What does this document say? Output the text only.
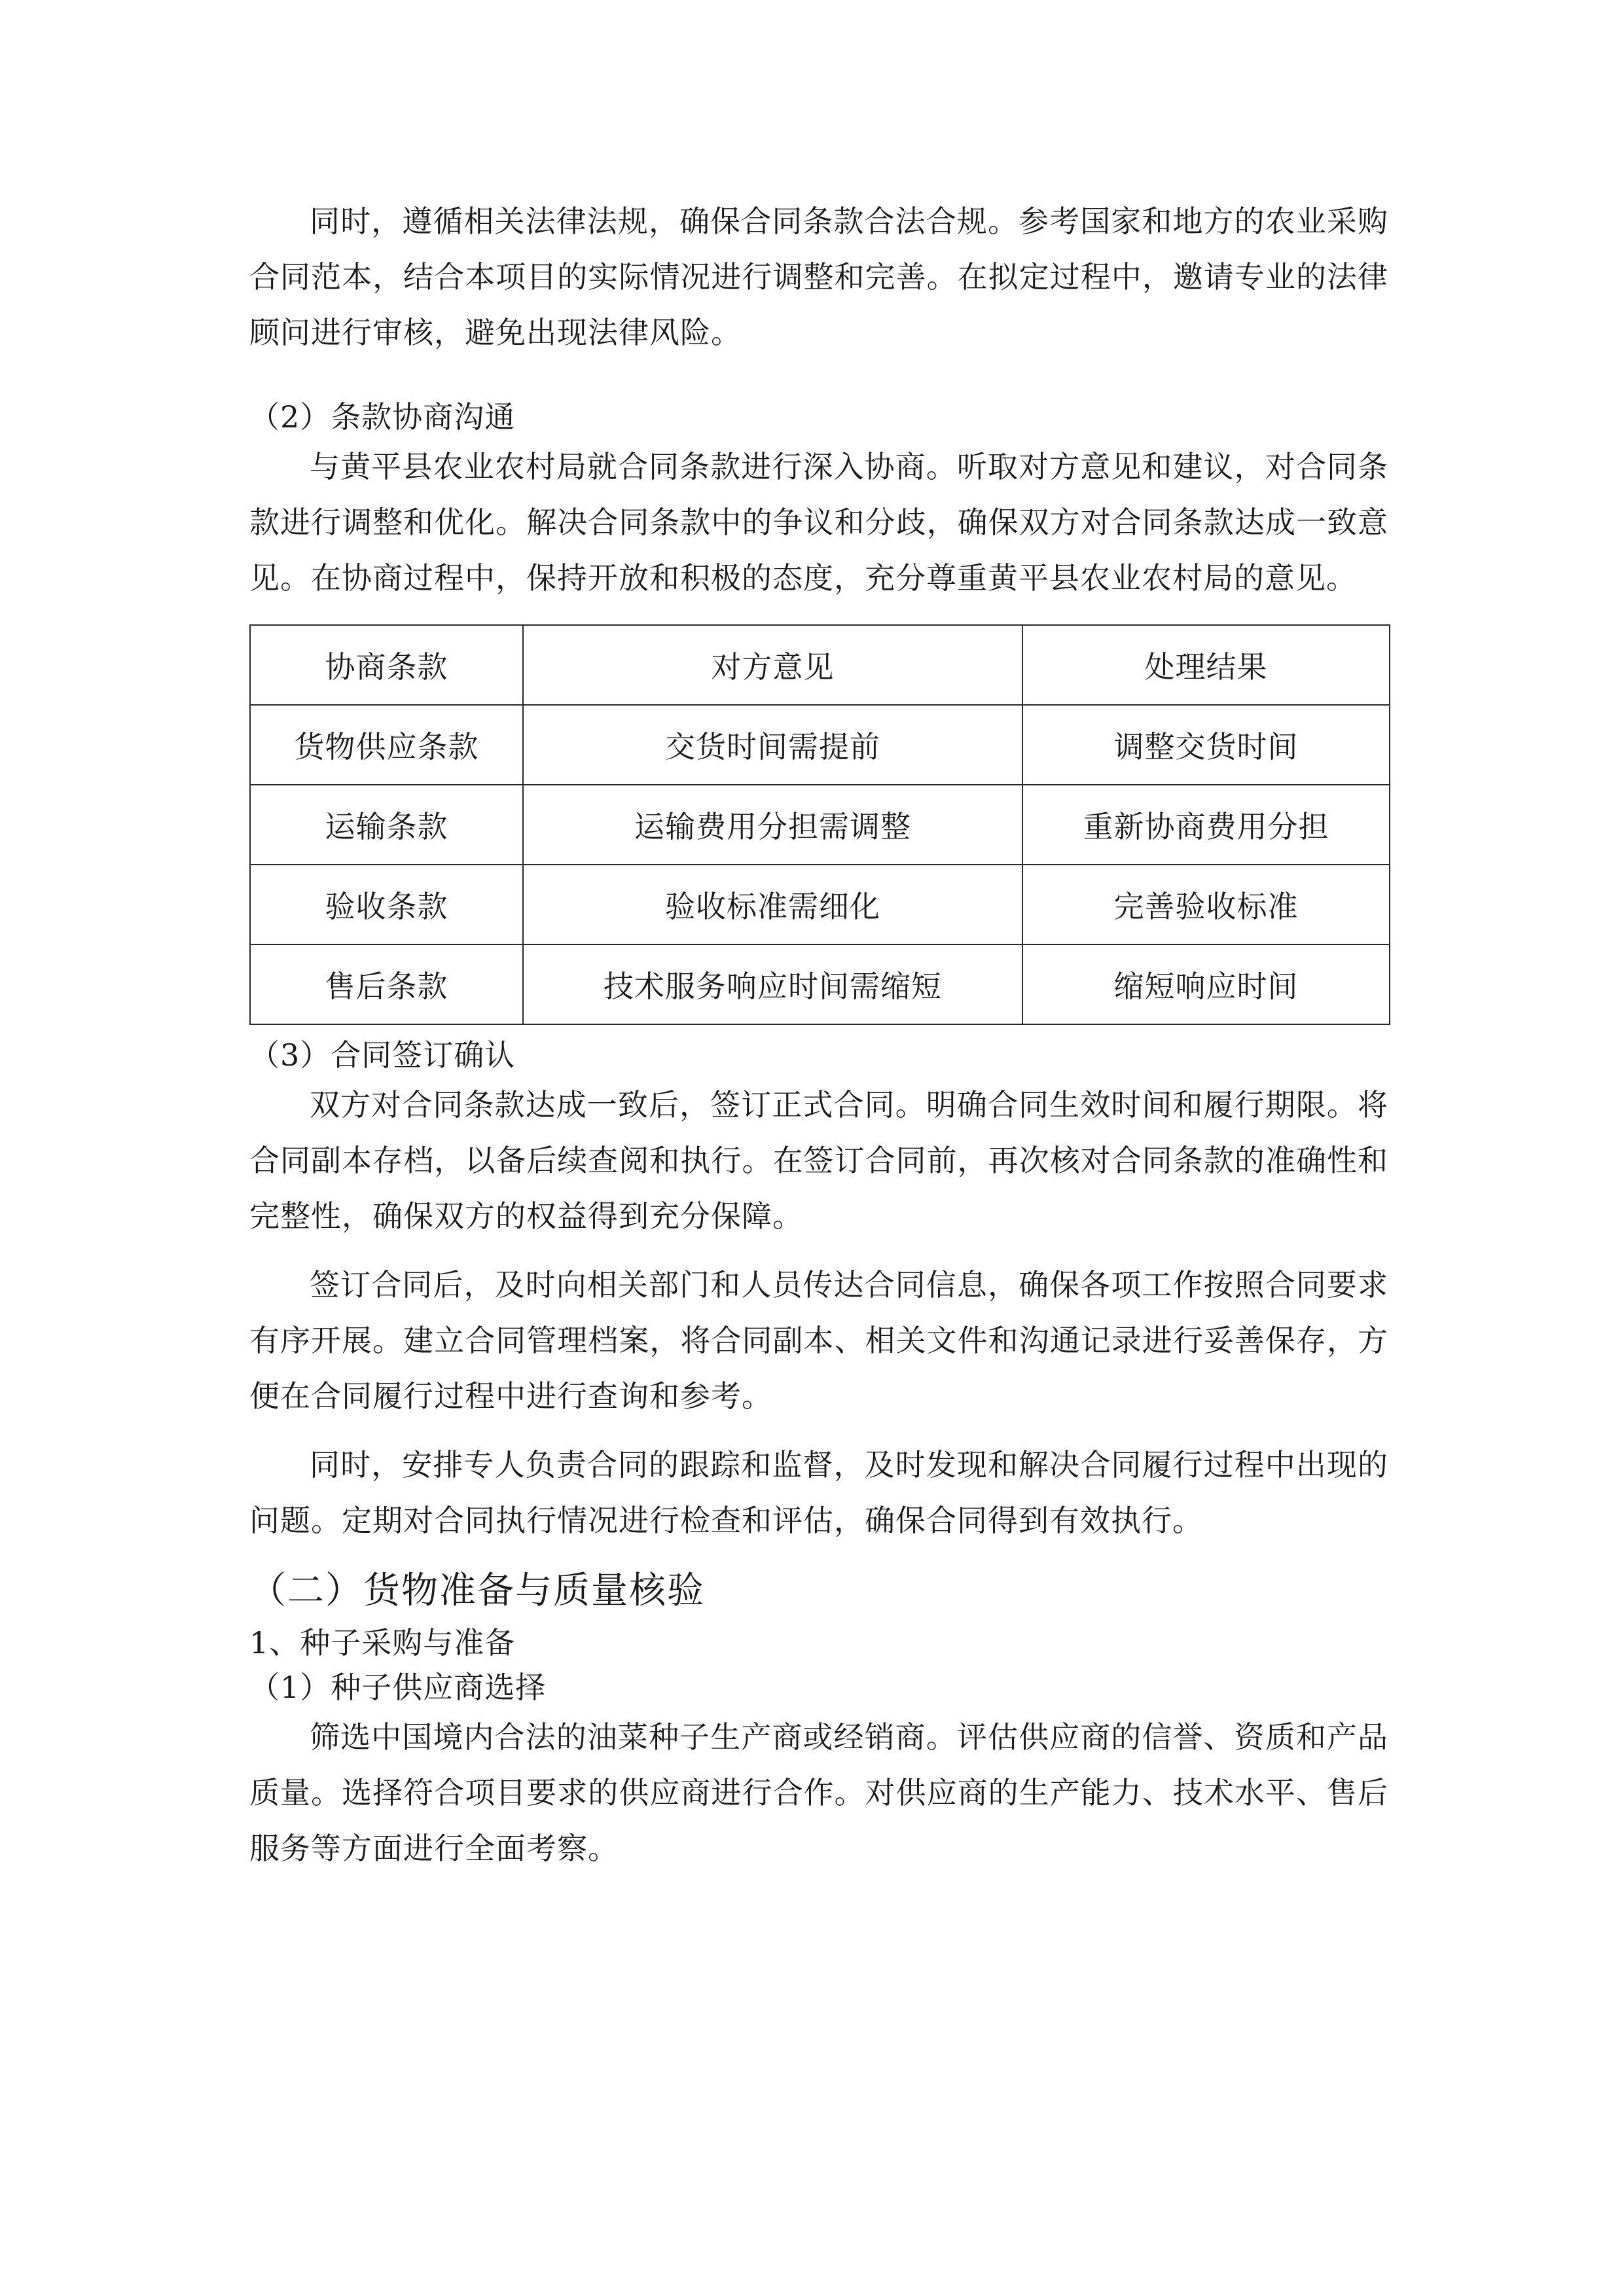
同时，遵循相关法律法规，确保合同条款合法合规。参考国家和地方的农业采购合同范本，结合本项目的实际情况进行调整和完善。在拟定过程中，邀请专业的法律顾问进行审核，避免出现法律风险。

（2）条款协商沟通

与黄平县农业农村局就合同条款进行深入协商。听取对方意见和建议，对合同条款进行调整和优化。解决合同条款中的争议和分歧，确保双方对合同条款达成一致意见。在协商过程中，保持开放和积极的态度，充分尊重黄平县农业农村局的意见。

协商条款	对方意见	处理结果
货物供应条款	交货时间需提前	调整交货时间
运输条款	运输费用分担需调整	重新协商费用分担
验收条款	验收标准需细化	完善验收标准
售后条款	技术服务响应时间需缩短	缩短响应时间

（3）合同签订确认

双方对合同条款达成一致后，签订正式合同。明确合同生效时间和履行期限。将合同副本存档，以备后续查阅和执行。在签订合同前，再次核对合同条款的准确性和完整性，确保双方的权益得到充分保障。

签订合同后，及时向相关部门和人员传达合同信息，确保各项工作按照合同要求有序开展。建立合同管理档案，将合同副本、相关文件和沟通记录进行妥善保存，方便在合同履行过程中进行查询和参考。

同时，安排专人负责合同的跟踪和监督，及时发现和解决合同履行过程中出现的问题。定期对合同执行情况进行检查和评估，确保合同得到有效执行。

（二）货物准备与质量核验

1、种子采购与准备

（1）种子供应商选择

筛选中国境内合法的油菜种子生产商或经销商。评估供应商的信誉、资质和产品质量。选择符合项目要求的供应商进行合作。对供应商的生产能力、技术水平、售后服务等方面进行全面考察。
